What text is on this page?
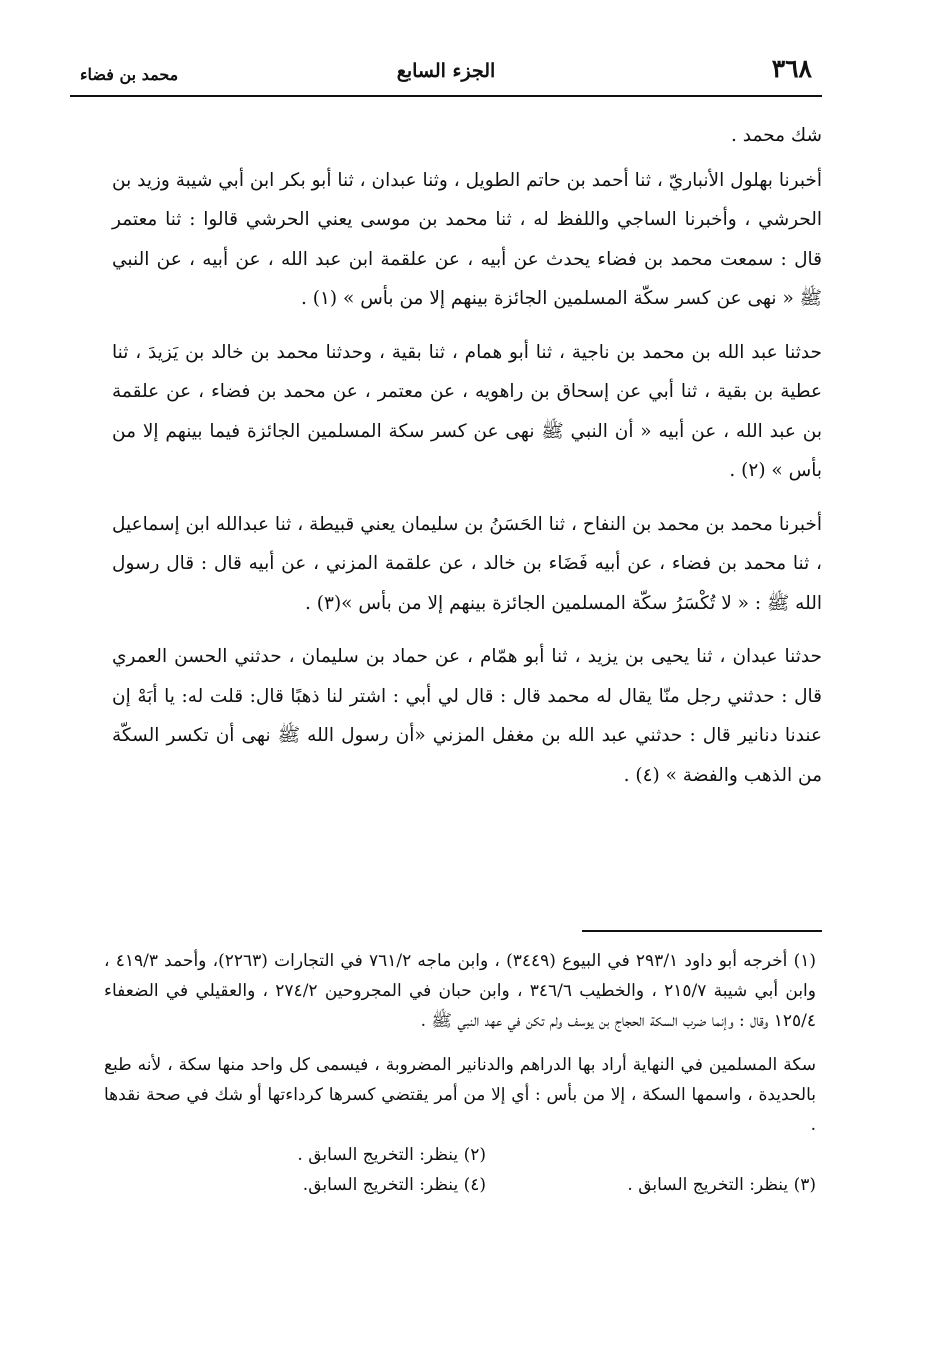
٣٦٨
الجزء السابع
محمد بن فضاء

شك محمد .

أخبرنا بهلول الأنباريّ ، ثنا أحمد بن حاتم الطويل ، وثنا عبدان ، ثنا أبو بكر ابن أبي شيبة وزيد بن الحرشي ، وأخبرنا الساجي واللفظ له ، ثنا محمد بن موسى يعني الحرشي قالوا : ثنا معتمر قال : سمعت محمد بن فضاء يحدث عن أبيه ، عن علقمة ابن عبد الله ، عن أبيه ، عن النبي ﷺ « نهى عن كسر سكّة المسلمين الجائزة بينهم إلا من بأس » (١) .

حدثنا عبد الله بن محمد بن ناجية ، ثنا أبو همام ، ثنا بقية ، وحدثنا محمد بن خالد بن يَزيدَ ، ثنا عطية بن بقية ، ثنا أبي عن إسحاق بن راهويه ، عن معتمر ، عن محمد بن فضاء ، عن علقمة بن عبد الله ، عن أبيه « أن النبي ﷺ نهى عن كسر سكة المسلمين الجائزة فيما بينهم إلا من بأس » (٢) .

أخبرنا محمد بن محمد بن النفاح ، ثنا الحَسَنُ بن سليمان يعني قبيطة ، ثنا عبدالله ابن إسماعيل ، ثنا محمد بن فضاء ، عن أبيه فَضَاء بن خالد ، عن علقمة المزني ، عن أبيه قال : قال رسول الله ﷺ : « لا تُكْسَرُ سكّة المسلمين الجائزة بينهم إلا من بأس »(٣) .

حدثنا عبدان ، ثنا يحيى بن يزيد ، ثنا أبو همّام ، عن حماد بن سليمان ، حدثني الحسن العمري قال : حدثني رجل منّا يقال له محمد قال : قال لي أبي : اشتر لنا ذهبًا قال: قلت له: يا أبَهْ إن عندنا دنانير قال : حدثني عبد الله بن مغفل المزني «أن رسول الله ﷺ نهى أن تكسر السكّة من الذهب والفضة » (٤) .

(١) أخرجه أبو داود ٢٩٣/١ في البيوع (٣٤٤٩) ، وابن ماجه ٧٦١/٢ في التجارات (٢٢٦٣)، وأحمد ٤١٩/٣ ، وابن أبي شيبة ٢١٥/٧ ، والخطيب ٣٤٦/٦ ، وابن حبان في المجروحين ٢٧٤/٢ ، والعقيلي في الضعفاء ١٢٥/٤ وقال : وإنما ضرب السكة الحجاج بن يوسف ولم تكن في عهد النبي ﷺ .

سكة المسلمين في النهاية أراد بها الدراهم والدنانير المضروبة ، فيسمى كل واحد منها سكة ، لأنه طبع بالحديدة ، واسمها السكة ، إلا من بأس : أي إلا من أمر يقتضي كسرها كرداءتها أو شك في صحة نقدها .

(٢) ينظر: التخريج السابق .
(٣) ينظر: التخريج السابق .
(٤) ينظر: التخريج السابق.
